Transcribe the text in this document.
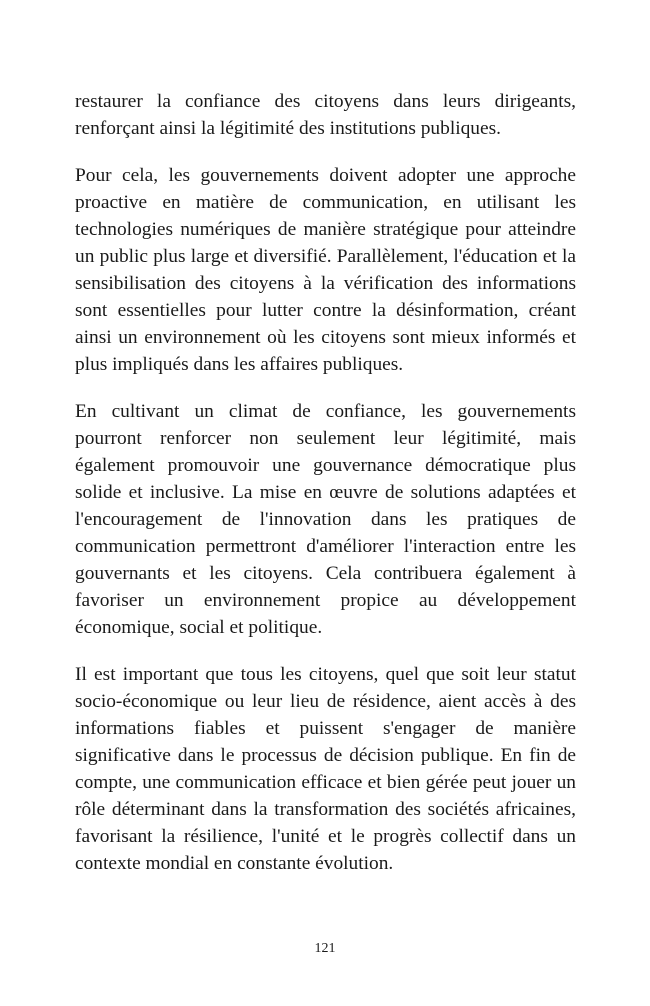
restaurer la confiance des citoyens dans leurs dirigeants, renforçant ainsi la légitimité des institutions publiques.

Pour cela, les gouvernements doivent adopter une approche proactive en matière de communication, en utilisant les technologies numériques de manière stratégique pour atteindre un public plus large et diversifié. Parallèlement, l'éducation et la sensibilisation des citoyens à la vérification des informations sont essentielles pour lutter contre la désinformation, créant ainsi un environnement où les citoyens sont mieux informés et plus impliqués dans les affaires publiques.

En cultivant un climat de confiance, les gouvernements pourront renforcer non seulement leur légitimité, mais également promouvoir une gouvernance démocratique plus solide et inclusive. La mise en œuvre de solutions adaptées et l'encouragement de l'innovation dans les pratiques de communication permettront d'améliorer l'interaction entre les gouvernants et les citoyens. Cela contribuera également à favoriser un environnement propice au développement économique, social et politique.

Il est important que tous les citoyens, quel que soit leur statut socio-économique ou leur lieu de résidence, aient accès à des informations fiables et puissent s'engager de manière significative dans le processus de décision publique. En fin de compte, une communication efficace et bien gérée peut jouer un rôle déterminant dans la transformation des sociétés africaines, favorisant la résilience, l'unité et le progrès collectif dans un contexte mondial en constante évolution.

121
